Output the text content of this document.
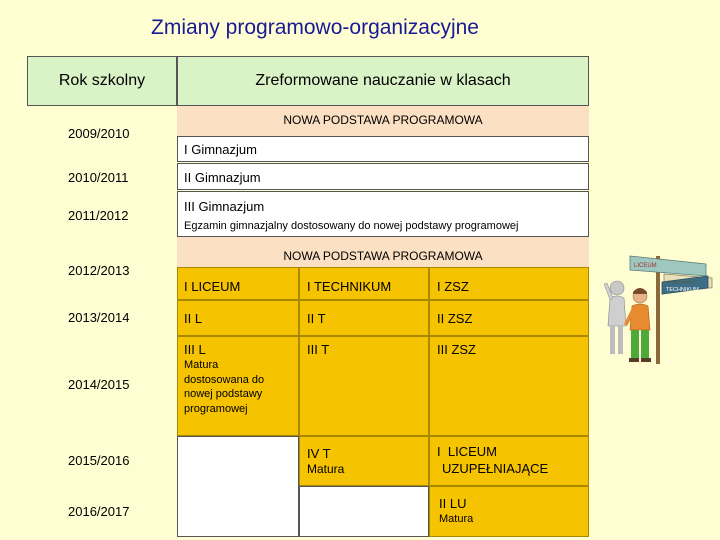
Zmiany programowo-organizacyjne
Rok szkolny	Zreformowane nauczanie w klasach
2009/2010
2010/2011
2011/2012
2012/2013
2013/2014
2014/2015
2015/2016
2016/2017
NOWA PODSTAWA PROGRAMOWA
I Gimnazjum
II Gimnazjum
III Gimnazjum
Egzamin gimnazjalny dostosowany do nowej podstawy programowej
NOWA PODSTAWA PROGRAMOWA
I LICEUM
II L
III L
Matura dostosowana do nowej podstawy programowej
I TECHNIKUM
II T
III T
IV T
Matura
I ZSZ
II ZSZ
III ZSZ
I  LICEUM
UZUPEŁNIAJĄCE
II LU
Matura
LICEUM
TECHNIKUM
Szkoła zawodowa
